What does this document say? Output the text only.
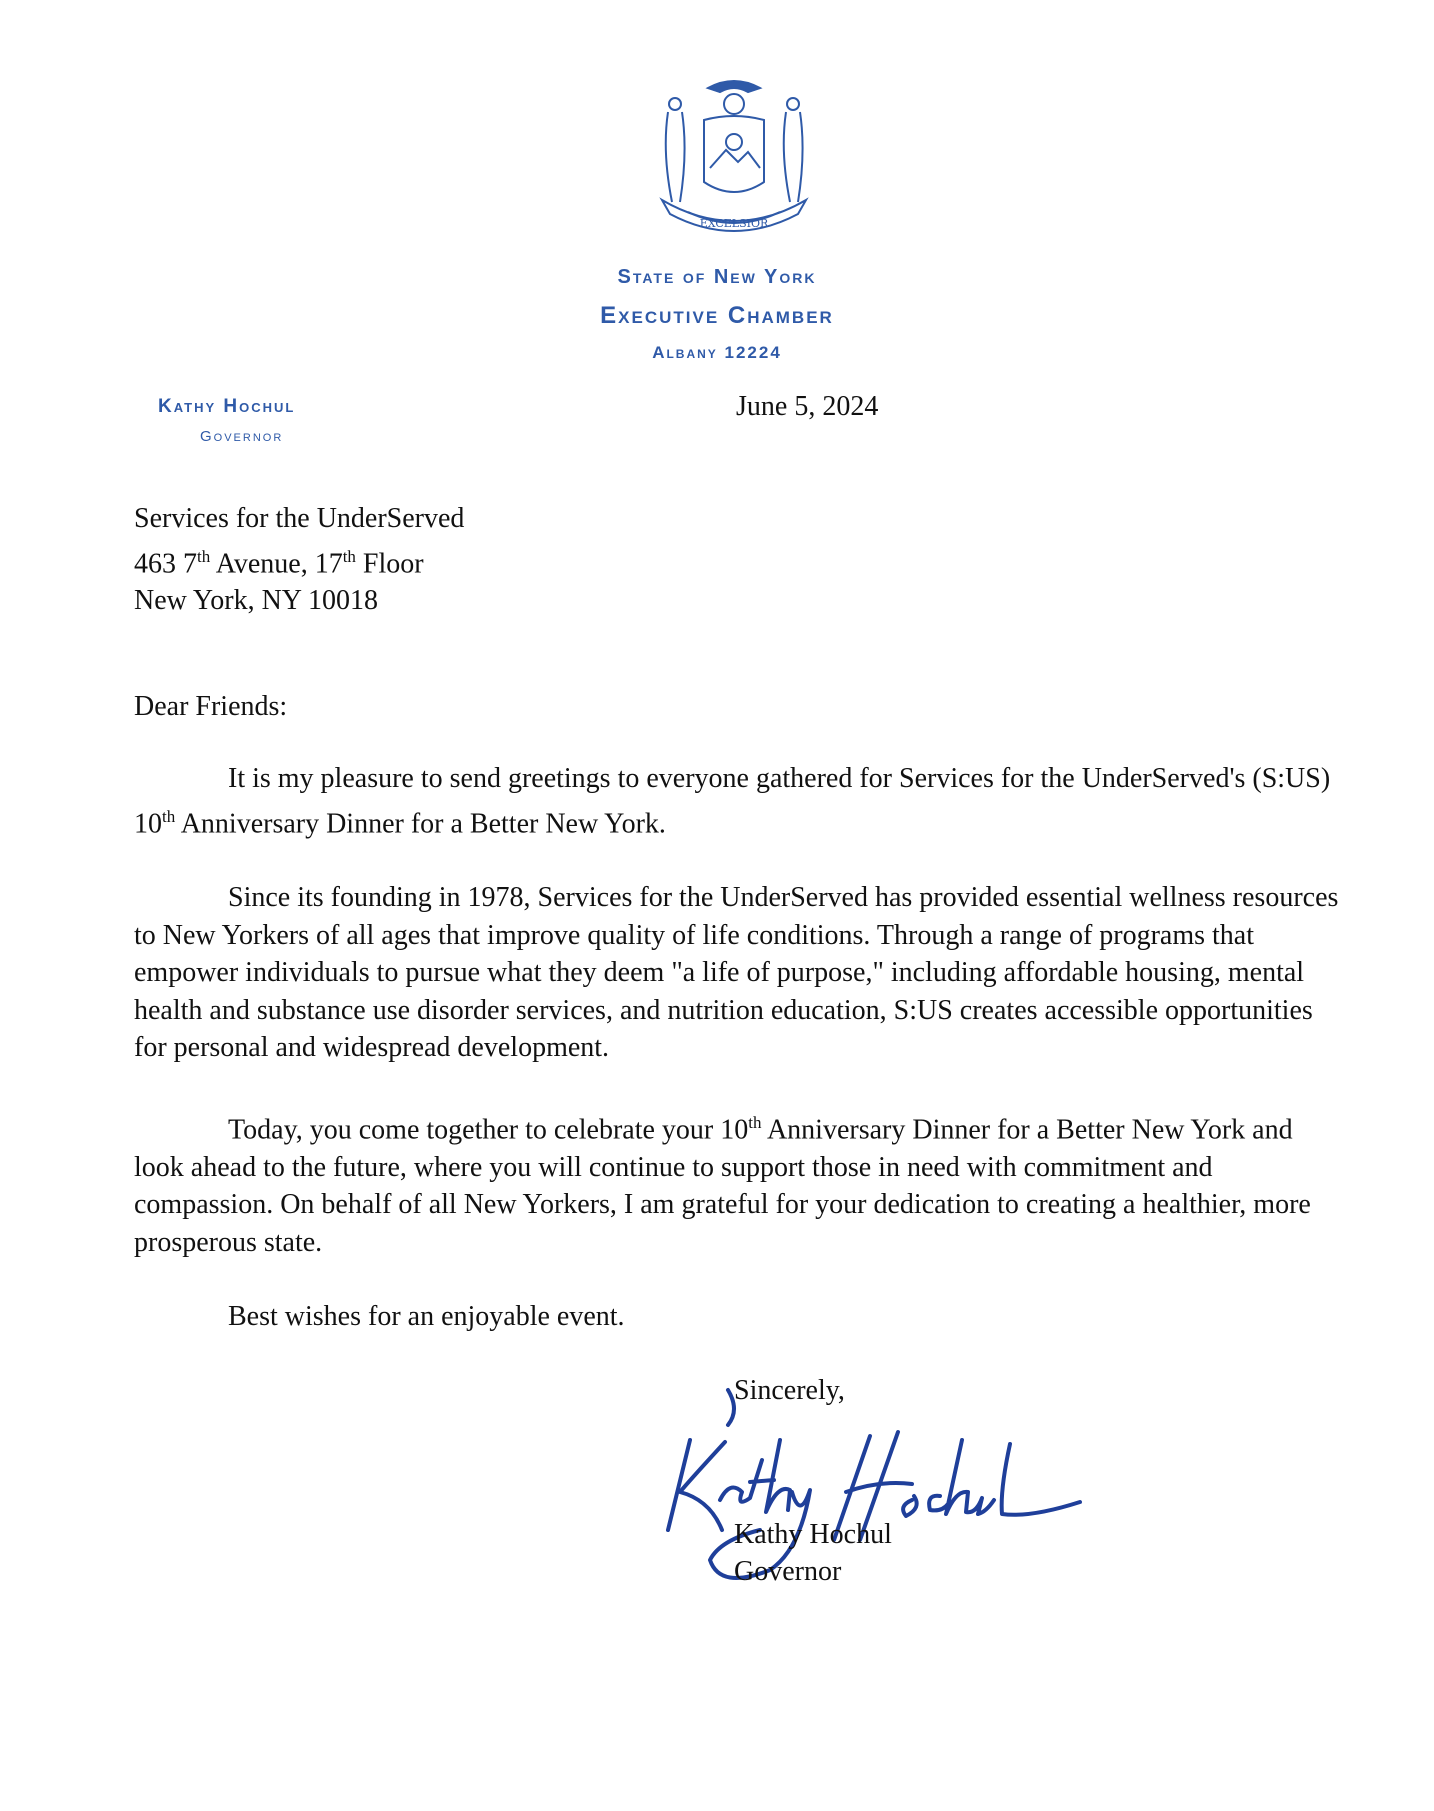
EXCELSIOR
State of New York
Executive Chamber
Albany 12224
Kathy Hochul
Governor
June 5, 2024
Services for the UnderServed
463 7th Avenue, 17th Floor
New York, NY 10018
Dear Friends:

It is my pleasure to send greetings to everyone gathered for Services for the UnderServed's (S:US) 10th Anniversary Dinner for a Better New York.

Since its founding in 1978, Services for the UnderServed has provided essential wellness resources to New Yorkers of all ages that improve quality of life conditions. Through a range of programs that empower individuals to pursue what they deem "a life of purpose," including affordable housing, mental health and substance use disorder services, and nutrition education, S:US creates accessible opportunities for personal and widespread development.

Today, you come together to celebrate your 10th Anniversary Dinner for a Better New York and look ahead to the future, where you will continue to support those in need with commitment and compassion. On behalf of all New Yorkers, I am grateful for your dedication to creating a healthier, more prosperous state.

Best wishes for an enjoyable event.

Sincerely,
Kathy Hochul
Governor
